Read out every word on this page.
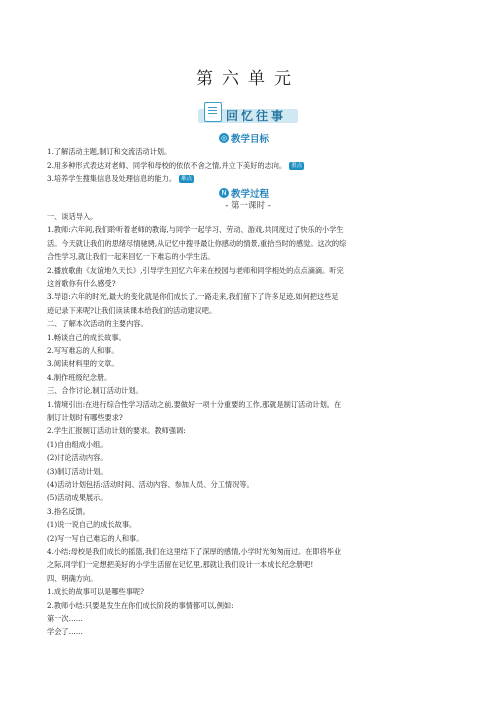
第六单元
回忆往事
◎ 教学目标
1.了解活动主题,制订和交流活动计划。
2.用多种形式表达对老师、同学和母校的依依不舍之情,并立下美好的志向。 重点
3.培养学生搜集信息及处理信息的能力。 难点
N 教学过程
- 第一课时 -
一、谈话导入。
1.教师:六年间,我们聆听着老师的教诲,与同学一起学习、劳动、游戏,共同度过了快乐的小学生
活。今天就让我们的思绪尽情驰骋,从记忆中搜寻最让你感动的情景,重拾当时的感觉。这次的综
合性学习,就让我们一起来回忆一下难忘的小学生活。
2.播放歌曲《友谊地久天长》,引导学生回忆六年来在校园与老师和同学相处的点点滴滴。听完
这首歌你有什么感受?
3.导语:六年的时光,最大的变化就是你们成长了,一路走来,我们留下了许多足迹,如何把这些足
迹记录下来呢?让我们读读课本给我们的活动建议吧。
二、了解本次活动的主要内容。
1.畅谈自己的成长故事。
2.写写难忘的人和事。
3.阅读材料里的文章。
4.制作班级纪念册。
三、合作讨论,制订活动计划。
1.情境引出:在进行综合性学习活动之前,要做好一项十分重要的工作,那就是制订活动计划。在
制订计划时有哪些要求?
2.学生汇报制订活动计划的要求。教师强调:
(1)自由组成小组。
(2)讨论活动内容。
(3)制订活动计划。
(4)活动计划包括:活动时间、活动内容、参加人员、分工情况等。
(5)活动成果展示。
3.指名反馈。
(1)说一说自己的成长故事。
(2)写一写自己难忘的人和事。
4.小结:母校是我们成长的摇篮,我们在这里结下了深厚的感情,小学时光匆匆而过。在即将毕业
之际,同学们一定想把美好的小学生活留在记忆里,那就让我们设计一本成长纪念册吧!
四、明确方向。
1.成长的故事可以是哪些事呢?
2.教师小结:只要是发生在你们成长阶段的事情都可以,例如:
第一次……
学会了……
